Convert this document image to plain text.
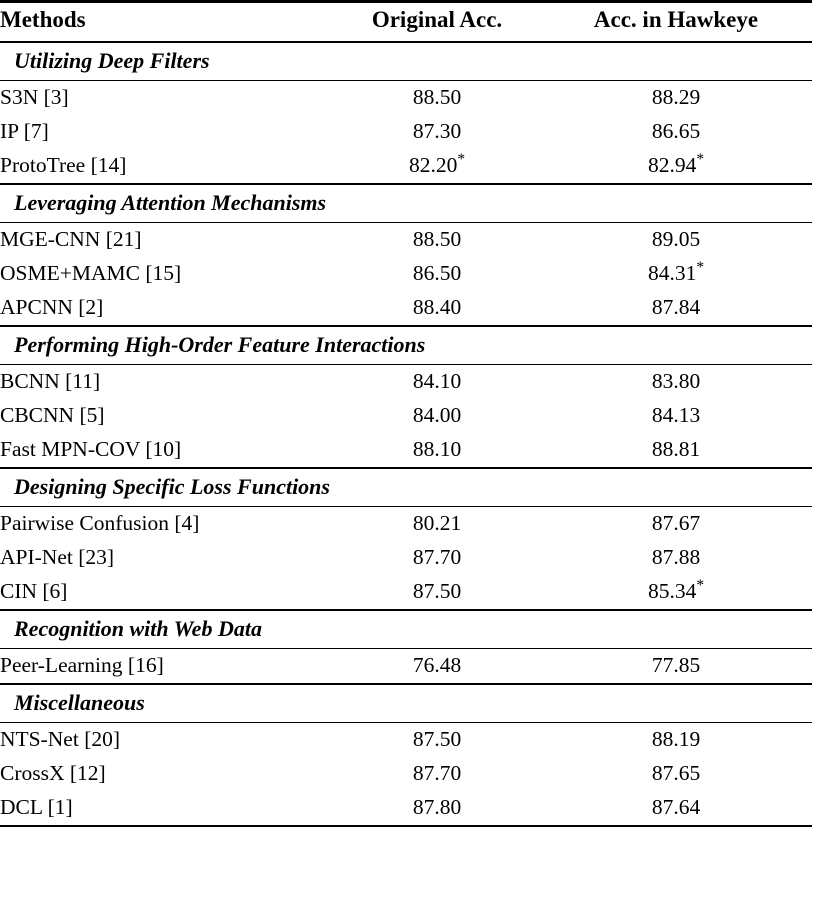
Methods	Original Acc.	Acc. in Hawkeye

Utilizing Deep Filters		

S3N [3]	88.50	88.29
IP [7]	87.30	86.65
ProtoTree [14]	82.20*	82.94*

Leveraging Attention Mechanisms		

MGE-CNN [21]	88.50	89.05
OSME+MAMC [15]	86.50	84.31*
APCNN [2]	88.40	87.84

Performing High-Order Feature Interactions		

BCNN [11]	84.10	83.80
CBCNN [5]	84.00	84.13
Fast MPN-COV [10]	88.10	88.81

Designing Specific Loss Functions		

Pairwise Confusion [4]	80.21	87.67
API-Net [23]	87.70	87.88
CIN [6]	87.50	85.34*

Recognition with Web Data		

Peer-Learning [16]	76.48	77.85

Miscellaneous		

NTS-Net [20]	87.50	88.19
CrossX [12]	87.70	87.65
DCL [1]	87.80	87.64
